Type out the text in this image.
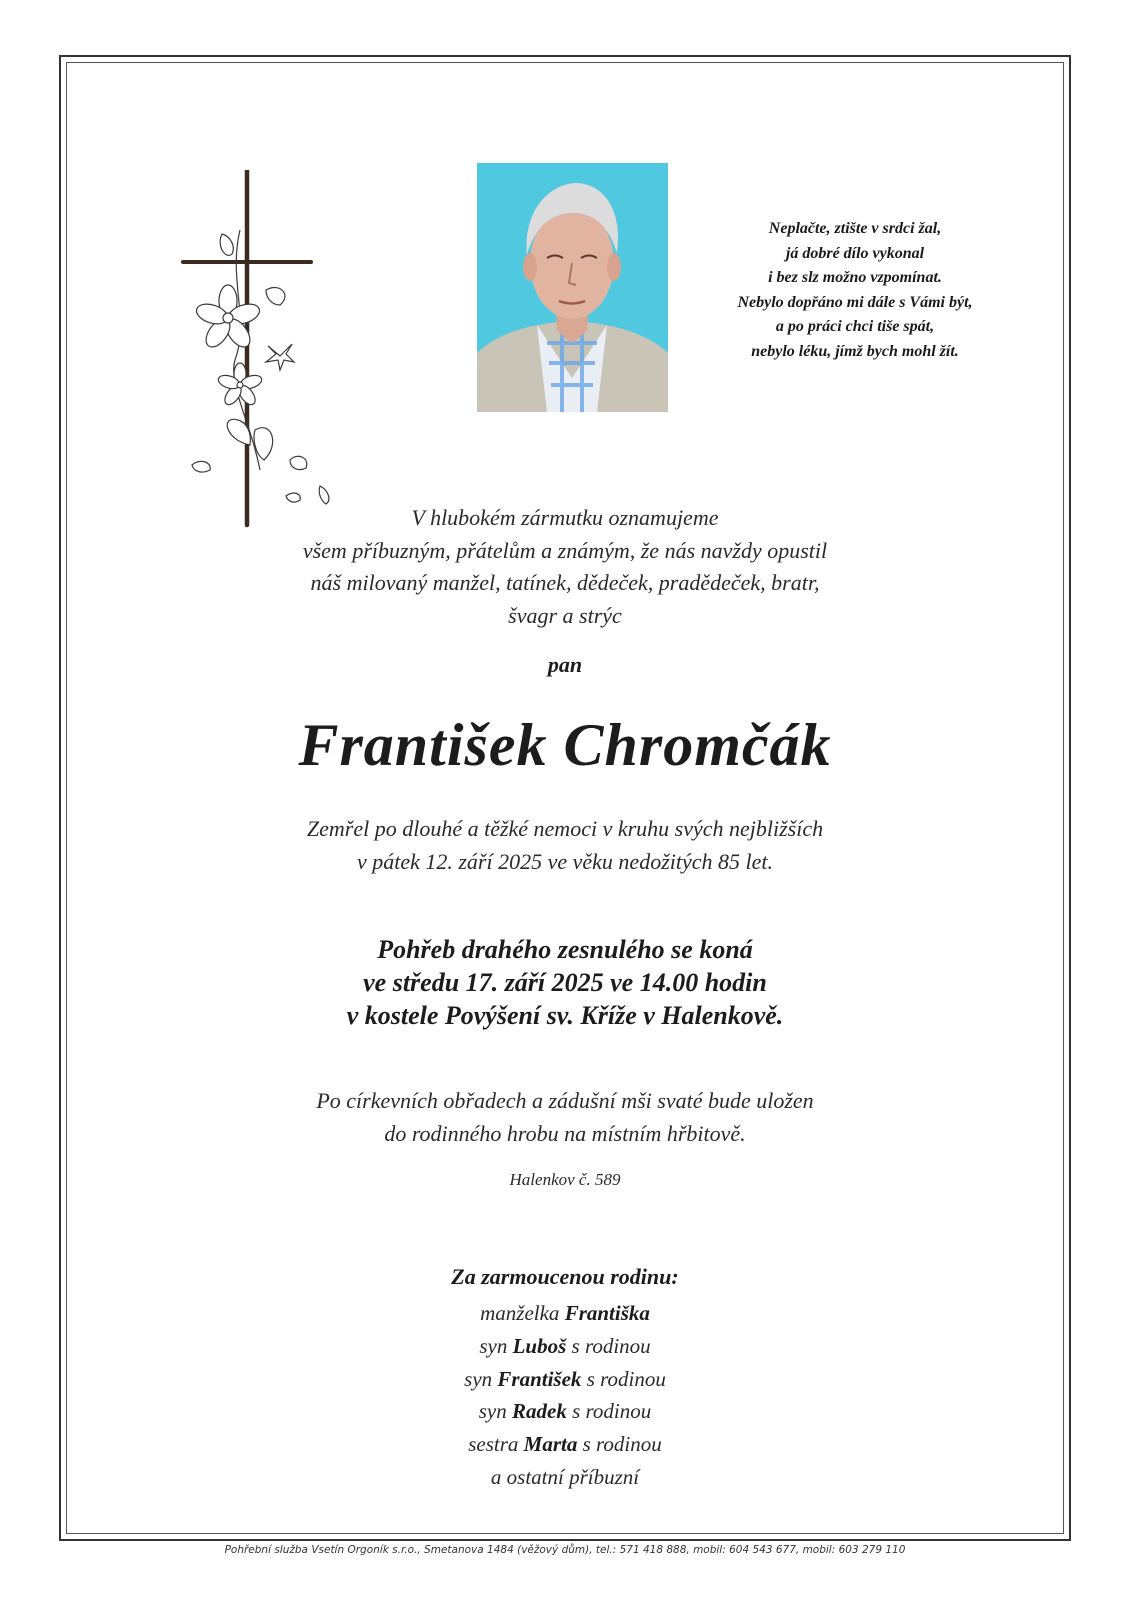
Neplačte, ztište v srdci žal,
já dobré dílo vykonal
i bez slz možno vzpomínat.
Nebylo dopřáno mi dále s Vámi být,
a po práci chci tiše spát,
nebylo léku, jímž bych mohl žít.
V hlubokém zármutku oznamujeme
všem příbuzným, přátelům a známým, že nás navždy opustil
náš milovaný manžel, tatínek, dědeček, pradědeček, bratr,
švagr a strýc
pan
František Chromčák
Zemřel po dlouhé a těžké nemoci v kruhu svých nejbližších
v pátek 12. září 2025 ve věku nedožitých 85 let.
Pohřeb drahého zesnulého se koná
ve středu 17. září 2025 ve 14.00 hodin
v kostele Povýšení sv. Kříže v Halenkově.
Po církevních obřadech a zádušní mši svaté bude uložen
do rodinného hrobu na místním hřbitově.
Halenkov č. 589
Za zarmoucenou rodinu:
manželka Františka
syn Luboš s rodinou
syn František s rodinou
syn Radek s rodinou
sestra Marta s rodinou
a ostatní příbuzní
Pohřební služba Vsetín Orgoník s.r.o., Smetanova 1484 (věžový dům), tel.: 571 418 888, mobil: 604 543 677, mobil: 603 279 110
